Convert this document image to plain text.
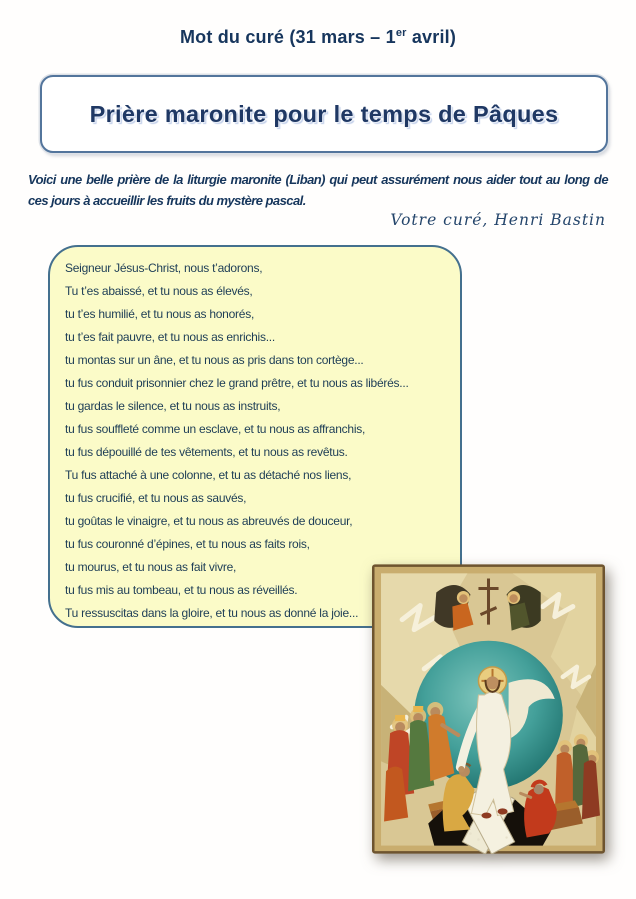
Mot du curé (31 mars – 1er avril)
Prière maronite pour le temps de Pâques
Voici une belle prière de la liturgie maronite (Liban) qui peut assurément nous aider tout au long de
ces jours à accueillir les fruits du mystère pascal.
Votre curé, Henri Bastin
Seigneur Jésus-Christ, nous t’adorons,
Tu t’es abaissé, et tu nous as élevés,
tu t’es humilié, et tu nous as honorés,
tu t’es fait pauvre, et tu nous as enrichis...
tu montas sur un âne, et tu nous as pris dans ton cortège...
tu fus conduit prisonnier chez le grand prêtre, et tu nous as libérés...
tu gardas le silence, et tu nous as instruits,
tu fus souffleté comme un esclave, et tu nous as affranchis,
tu fus dépouillé de tes vêtements, et tu nous as revêtus.
Tu fus attaché à une colonne, et tu as détaché nos liens,
tu fus crucifié, et tu nous as sauvés,
tu goûtas le vinaigre, et tu nous as abreuvés de douceur,
tu fus couronné d’épines, et tu nous as faits rois,
tu mourus, et tu nous as fait vivre,
tu fus mis au tombeau, et tu nous as réveillés.
Tu ressuscitas dans la gloire, et tu nous as donné la joie...
